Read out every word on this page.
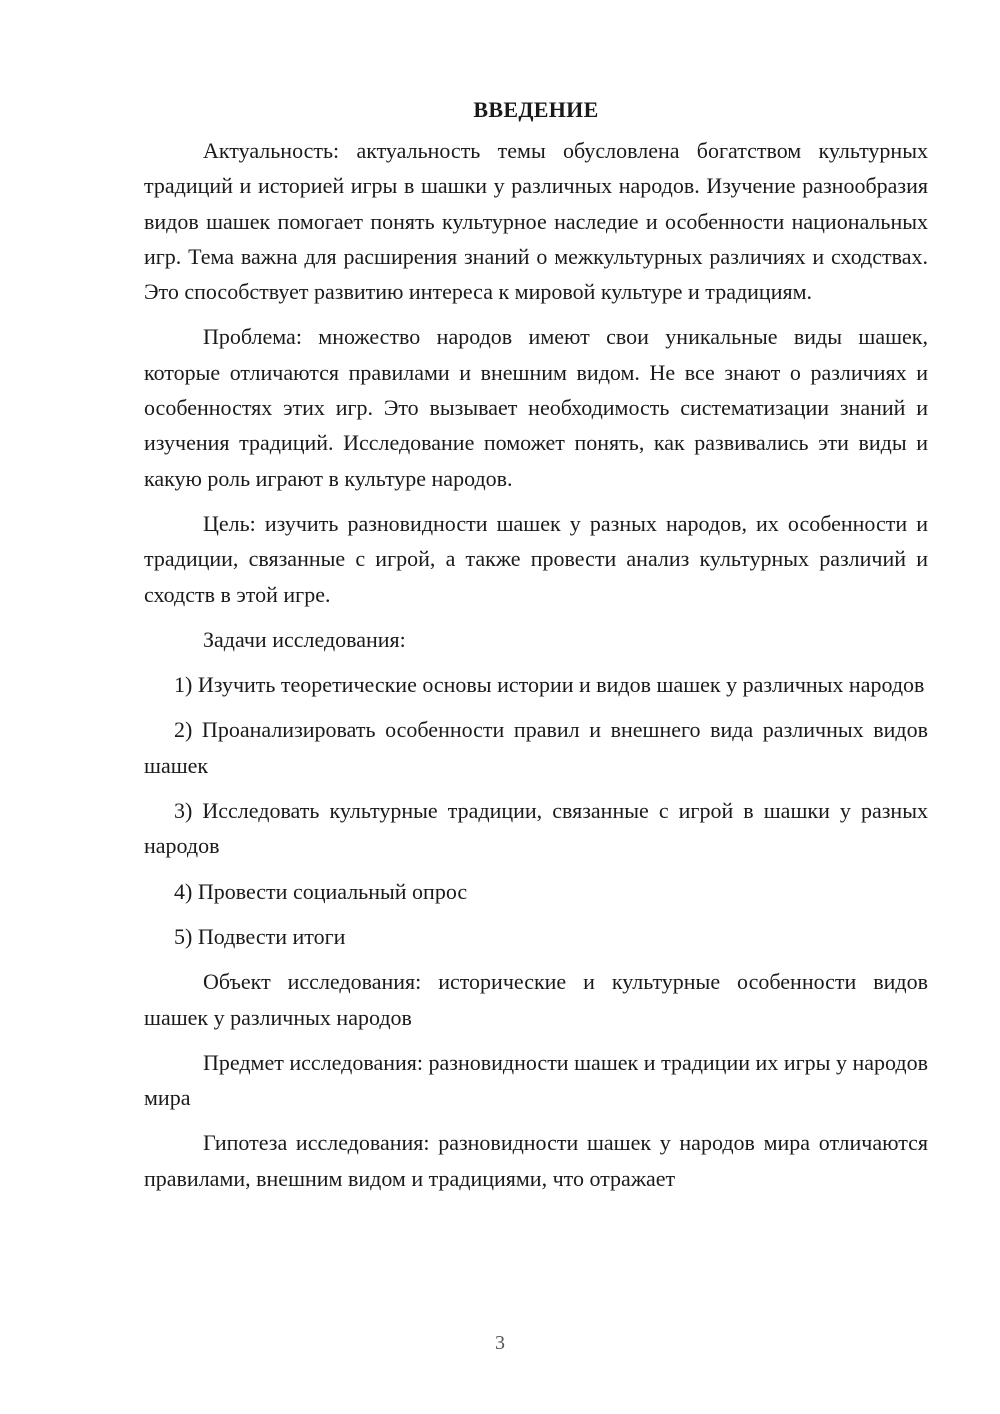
ВВЕДЕНИЕ

Актуальность: актуальность темы обусловлена богатством культурных традиций и историей игры в шашки у различных народов. Изучение разнообразия видов шашек помогает понять культурное наследие и особенности национальных игр. Тема важна для расширения знаний о межкультурных различиях и сходствах. Это способствует развитию интереса к мировой культуре и традициям.

Проблема: множество народов имеют свои уникальные виды шашек, которые отличаются правилами и внешним видом. Не все знают о различиях и особенностях этих игр. Это вызывает необходимость систематизации знаний и изучения традиций. Исследование поможет понять, как развивались эти виды и какую роль играют в культуре народов.

Цель: изучить разновидности шашек у разных народов, их особенности и традиции, связанные с игрой, а также провести анализ культурных различий и сходств в этой игре.

Задачи исследования:

1) Изучить теоретические основы истории и видов шашек у различных народов

2) Проанализировать особенности правил и внешнего вида различных видов шашек

3) Исследовать культурные традиции, связанные с игрой в шашки у разных народов

4) Провести социальный опрос

5) Подвести итоги

Объект исследования: исторические и культурные особенности видов шашек у различных народов

Предмет исследования: разновидности шашек и традиции их игры у народов мира

Гипотеза исследования: разновидности шашек у народов мира отличаются правилами, внешним видом и традициями, что отражает

3
